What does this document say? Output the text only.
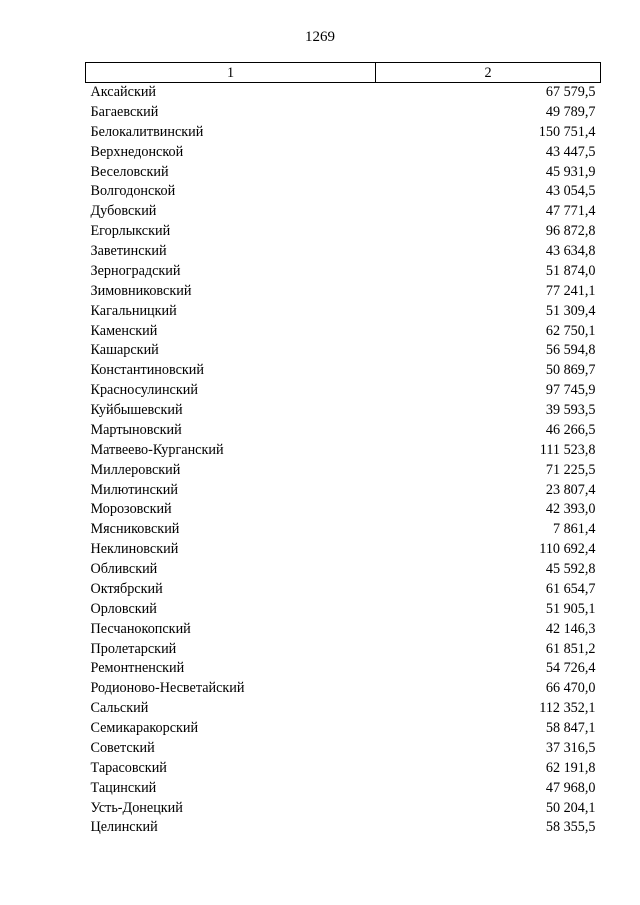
1269
1	2
Аксайский	67 579,5
Багаевский	49 789,7
Белокалитвинский	150 751,4
Верхнедонской	43 447,5
Веселовский	45 931,9
Волгодонской	43 054,5
Дубовский	47 771,4
Егорлыкский	96 872,8
Заветинский	43 634,8
Зерноградский	51 874,0
Зимовниковский	77 241,1
Кагальницкий	51 309,4
Каменский	62 750,1
Кашарский	56 594,8
Константиновский	50 869,7
Красносулинский	97 745,9
Куйбышевский	39 593,5
Мартыновский	46 266,5
Матвеево-Курганский	111 523,8
Миллеровский	71 225,5
Милютинский	23 807,4
Морозовский	42 393,0
Мясниковский	7 861,4
Неклиновский	110 692,4
Обливский	45 592,8
Октябрский	61 654,7
Орловский	51 905,1
Песчанокопский	42 146,3
Пролетарский	61 851,2
Ремонтненский	54 726,4
Родионово-Несветайский	66 470,0
Сальский	112 352,1
Семикаракорский	58 847,1
Советский	37 316,5
Тарасовский	62 191,8
Тацинский	47 968,0
Усть-Донецкий	50 204,1
Целинский	58 355,5
